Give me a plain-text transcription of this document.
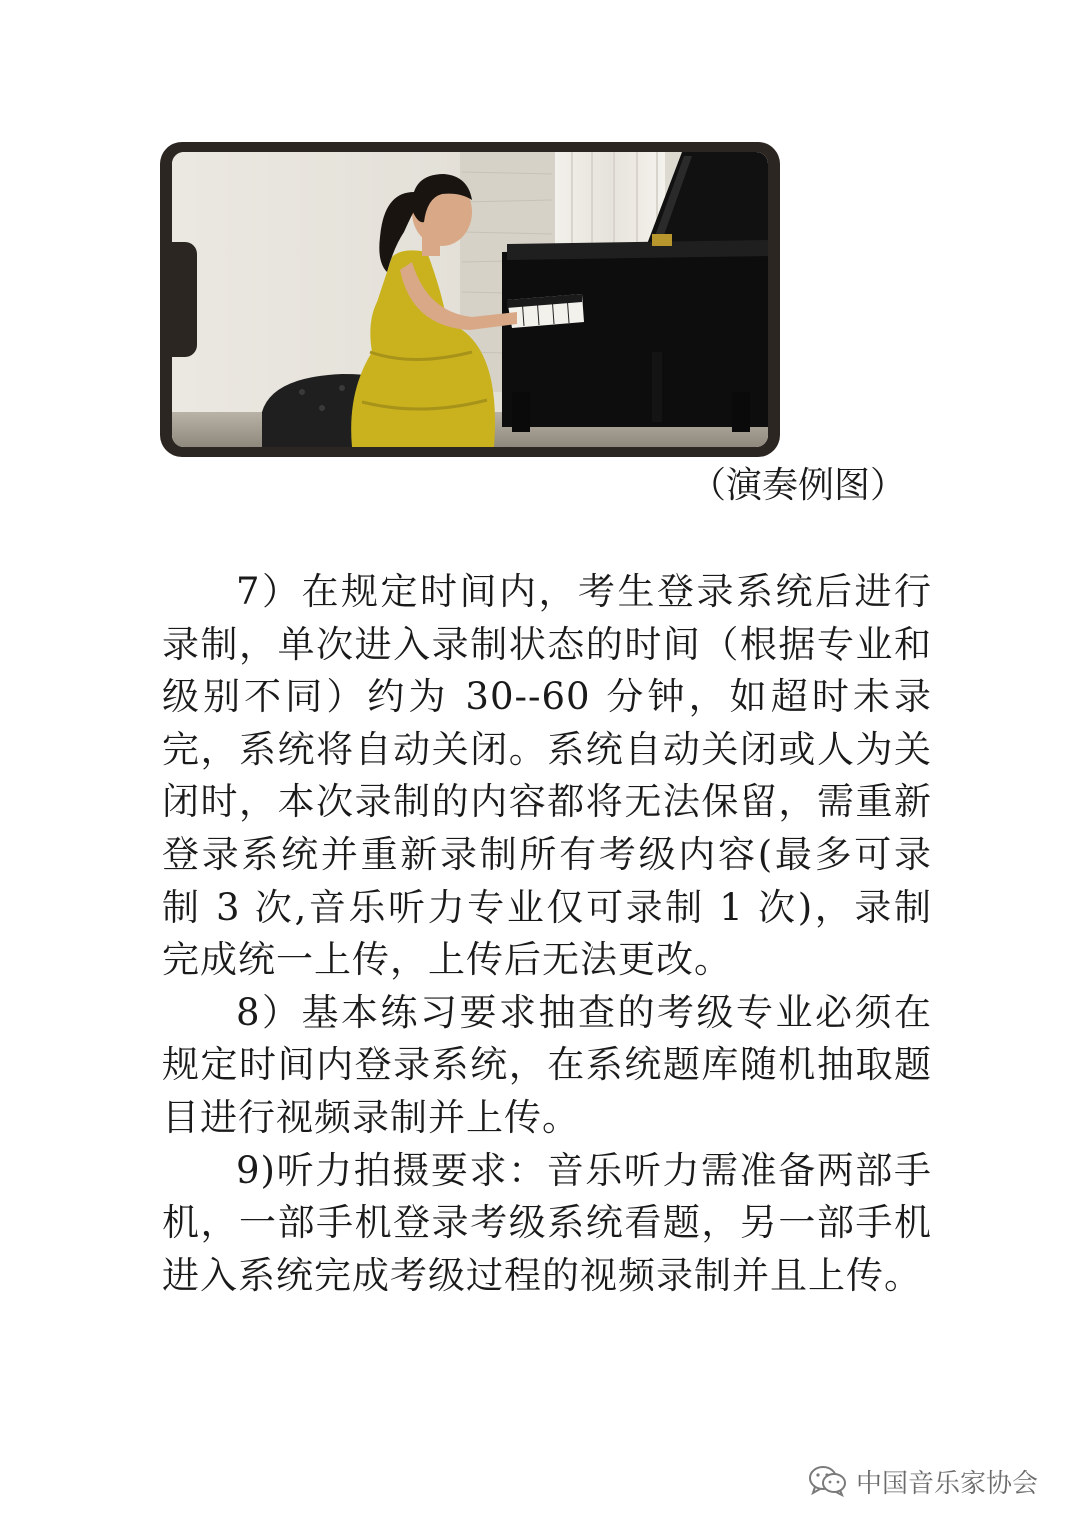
（演奏例图）

7）在规定时间内，考生登录系统后进行录制，单次进入录制状态的时间（根据专业和级别不同）约为 30--60 分钟，如超时未录完，系统将自动关闭。系统自动关闭或人为关闭时，本次录制的内容都将无法保留，需重新登录系统并重新录制所有考级内容(最多可录制 3 次,音乐听力专业仅可录制 1 次)，录制完成统一上传，上传后无法更改。

8）基本练习要求抽查的考级专业必须在规定时间内登录系统，在系统题库随机抽取题目进行视频录制并上传。

9)听力拍摄要求：音乐听力需准备两部手机，一部手机登录考级系统看题，另一部手机进入系统完成考级过程的视频录制并且上传。

中国音乐家协会
